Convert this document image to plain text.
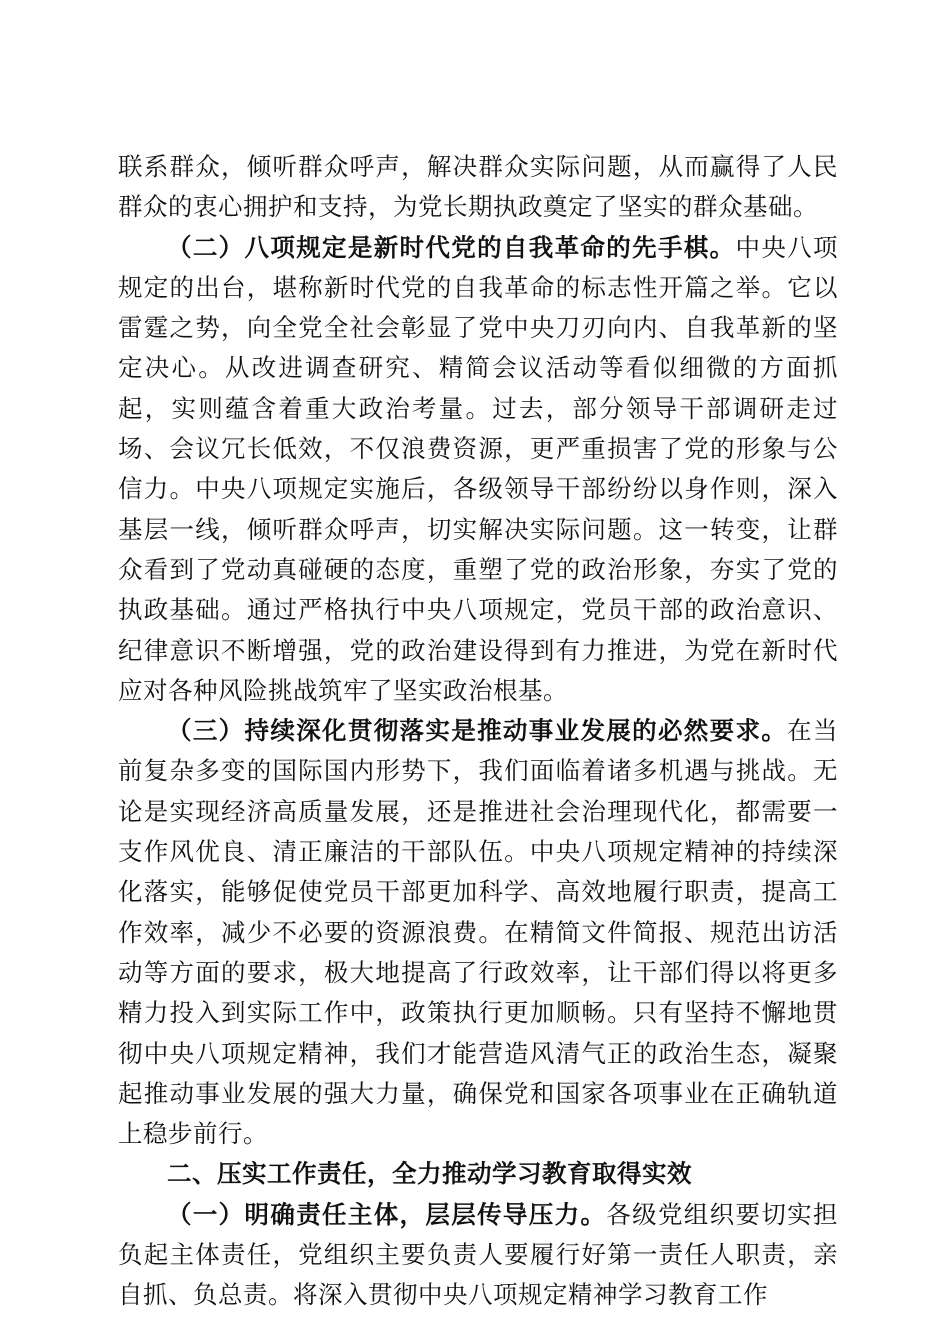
联系群众，倾听群众呼声，解决群众实际问题，从而赢得了人民群众的衷心拥护和支持，为党长期执政奠定了坚实的群众基础。

（二）八项规定是新时代党的自我革命的先手棋。中央八项规定的出台，堪称新时代党的自我革命的标志性开篇之举。它以雷霆之势，向全党全社会彰显了党中央刀刃向内、自我革新的坚定决心。从改进调查研究、精简会议活动等看似细微的方面抓起，实则蕴含着重大政治考量。过去，部分领导干部调研走过场、会议冗长低效，不仅浪费资源，更严重损害了党的形象与公信力。中央八项规定实施后，各级领导干部纷纷以身作则，深入基层一线，倾听群众呼声，切实解决实际问题。这一转变，让群众看到了党动真碰硬的态度，重塑了党的政治形象，夯实了党的执政基础。通过严格执行中央八项规定，党员干部的政治意识、纪律意识不断增强，党的政治建设得到有力推进，为党在新时代应对各种风险挑战筑牢了坚实政治根基。

（三）持续深化贯彻落实是推动事业发展的必然要求。在当前复杂多变的国际国内形势下，我们面临着诸多机遇与挑战。无论是实现经济高质量发展，还是推进社会治理现代化，都需要一支作风优良、清正廉洁的干部队伍。中央八项规定精神的持续深化落实，能够促使党员干部更加科学、高效地履行职责，提高工作效率，减少不必要的资源浪费。在精简文件简报、规范出访活动等方面的要求，极大地提高了行政效率，让干部们得以将更多精力投入到实际工作中，政策执行更加顺畅。只有坚持不懈地贯彻中央八项规定精神，我们才能营造风清气正的政治生态，凝聚起推动事业发展的强大力量，确保党和国家各项事业在正确轨道上稳步前行。

二、压实工作责任，全力推动学习教育取得实效

（一）明确责任主体，层层传导压力。各级党组织要切实担负起主体责任，党组织主要负责人要履行好第一责任人职责，亲自抓、负总责。将深入贯彻中央八项规定精神学习教育工作
